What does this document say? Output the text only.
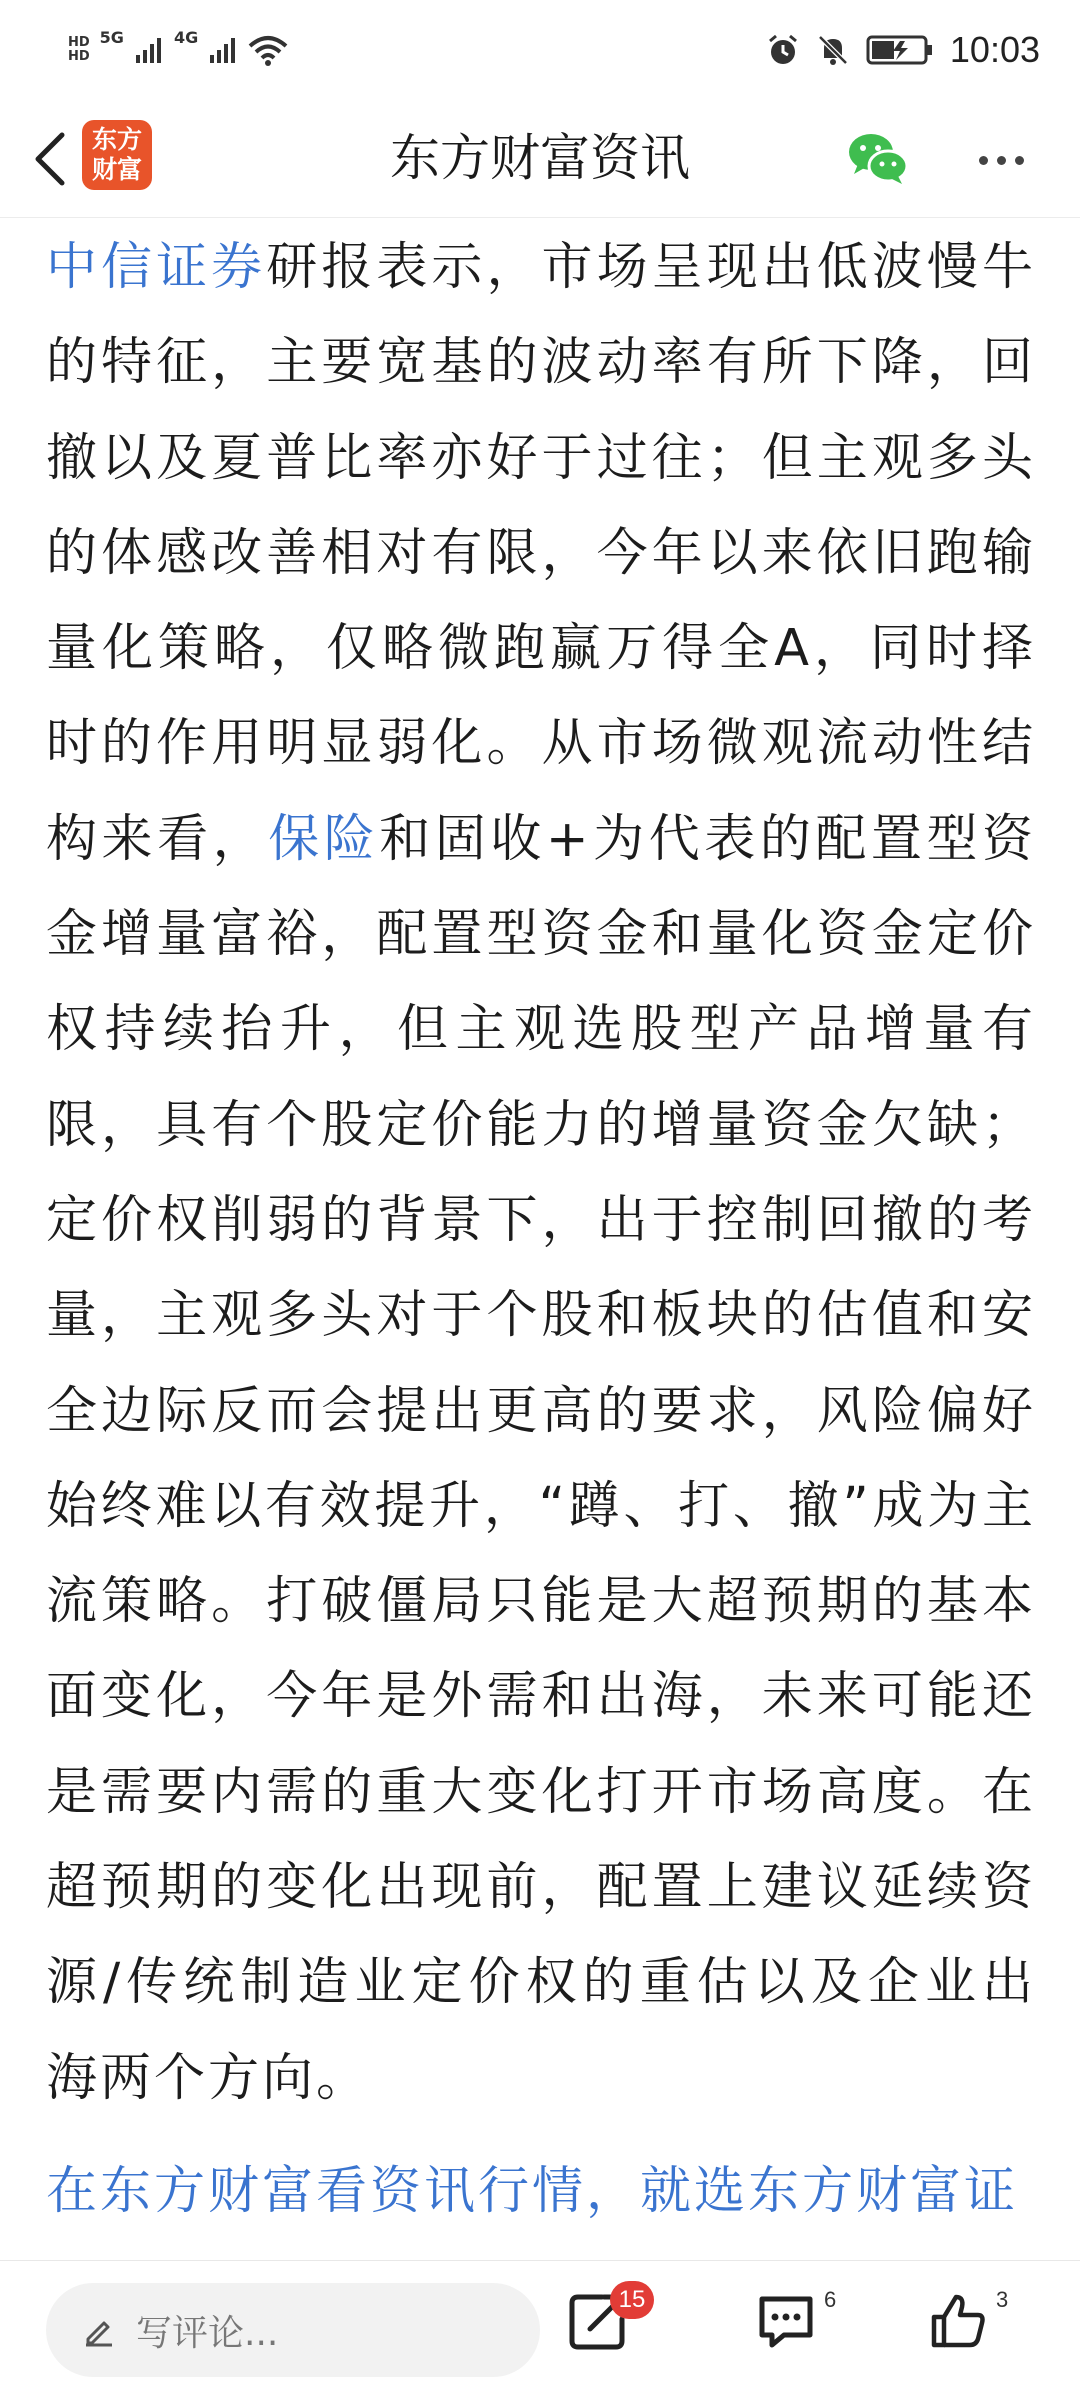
HD
HD
5G	4G	10:03
东方
财富	东方财富资讯

中信证券研报表示，市场呈现出低波慢牛的特征，主要宽基的波动率有所下降，回撤以及夏普比率亦好于过往；但主观多头的体感改善相对有限，今年以来依旧跑输量化策略，仅略微跑赢万得全A，同时择时的作用明显弱化。从市场微观流动性结构来看，保险和固收+为代表的配置型资金增量富裕，配置型资金和量化资金定价权持续抬升，但主观选股型产品增量有限，具有个股定价能力的增量资金欠缺；定价权削弱的背景下，出于控制回撤的考量，主观多头对于个股和板块的估值和安全边际反而会提出更高的要求，风险偏好始终难以有效提升，“蹲、打、撤”成为主流策略。打破僵局只能是大超预期的基本面变化，今年是外需和出海，未来可能还是需要内需的重大变化打开市场高度。在超预期的变化出现前，配置上建议延续资源/传统制造业定价权的重估以及企业出海两个方向。

在东方财富看资讯行情，就选东方财富证
写评论...
15	6	3
